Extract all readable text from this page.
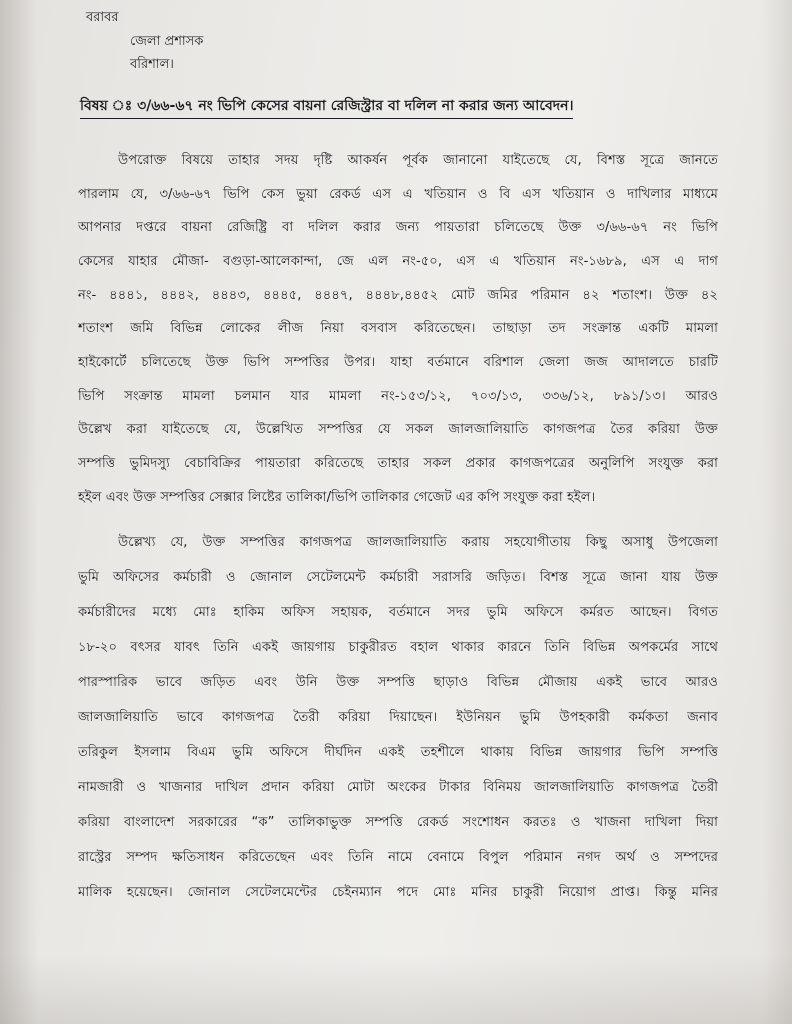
বরাবর
জেলা প্রশাসক
বরিশাল।
বিষয় ঃ ৩/৬৬-৬৭ নং ভিপি কেসের বায়না রেজিস্ট্রার বা দলিল না করার জন্য আবেদন।
উপরোক্ত বিষয়ে তাহার সদয় দৃষ্টি আকর্ষন পূর্বক জানানো যাইতেছে যে, বিশস্ত সূত্রে জানতে
পারলাম যে, ৩/৬৬-৬৭ ভিপি কেস ভুয়া রেকর্ড এস এ খতিয়ান ও বি এস খতিয়ান ও দাখিলার মাধ্যমে
আপনার দপ্তরে বায়না রেজিষ্ট্রি বা দলিল করার জন্য পায়তারা চলিতেছে উক্ত ৩/৬৬-৬৭ নং ভিপি
কেসের যাহার মৌজা- বগুড়া-আলেকান্দা, জে এল নং-৫০, এস এ খতিয়ান নং-১৬৮৯, এস এ দাগ
নং- ৪৪৪১, ৪৪৪২, ৪৪৪৩, ৪৪৪৫, ৪৪৪৭, ৪৪৪৮,৪৪৫২ মোট জমির পরিমান ৪২ শতাংশ। উক্ত ৪২
শতাংশ জমি বিভিন্ন লোকের লীজ নিয়া বসবাস করিতেছেন। তাছাড়া তদ সংক্রান্ত একটি মামলা
হাইকোর্টে চলিতেছে উক্ত ভিপি সম্পত্তির উপর। যাহা বর্তমানে বরিশাল জেলা জজ আদালতে চারটি
ভিপি সংক্রান্ত মামলা চলমান যার মামলা নং-১৫৩/১২, ৭০৩/১৩, ৩৩৬/১২, ৮৯১/১৩। আরও
উল্লেখ করা যাইতেছে যে, উল্লেখিত সম্পত্তির যে সকল জালজালিয়াতি কাগজপত্র তৈর করিয়া উক্ত
সম্পত্তি ভুমিদস্যু বেচাবিক্রির পায়তারা করিতেছে তাহার সকল প্রকার কাগজপত্রের অনুলিপি সংযুক্ত করা
হইল এবং উক্ত সম্পত্তির সেক্সার লিষ্টের তালিকা/ভিপি তালিকার গেজেট এর কপি সংযুক্ত করা হইল।
উল্লেখ্য যে, উক্ত সম্পত্তির কাগজপত্র জালজালিয়াতি করায় সহযোগীতায় কিছু অসাধু উপজেলা
ভুমি অফিসের কর্মচারী ও জোনাল সেটেলমেন্ট কর্মচারী সরাসরি জড়িত। বিশস্ত সূত্রে জানা যায় উক্ত
কর্মচারীদের মধ্যে মোঃ হাকিম অফিস সহায়ক, বর্তমানে সদর ভুমি অফিসে কর্মরত আছেন। বিগত
১৮-২০ বৎসর যাবৎ তিনি একই জায়গায় চাকুরীরত বহাল থাকার কারনে তিনি বিভিন্ন অপকর্মের সাথে
পারস্পারিক ভাবে জড়িত এবং উনি উক্ত সম্পত্তি ছাড়াও বিভিন্ন মৌজায় একই ভাবে আরও
জালজালিয়াতি ভাবে কাগজপত্র তৈরী করিয়া দিয়াছেন। ইউনিয়ন ভুমি উপহকারী কর্মকতা জনাব
তরিকুল ইসলাম বিএম ভুমি অফিসে দীর্ঘদিন একই তহশীলে থাকায় বিভিন্ন জায়গার ভিপি সম্পত্তি
নামজারী ও খাজনার দাখিল প্রদান করিয়া মোটা অংকের টাকার বিনিময় জালজালিয়াতি কাগজপত্র তৈরী
করিয়া বাংলাদেশ সরকারের “ক” তালিকাভুক্ত সম্পত্তি রেকর্ড সংশোধন করতঃ ও খাজনা দাখিলা দিয়া
রাস্ট্রের সম্পদ ক্ষতিসাধন করিতেছেন এবং তিনি নামে বেনামে বিপুল পরিমান নগদ অর্থ ও সম্পদের
মালিক হয়েছেন। জোনাল সেটেলমেন্টের চেইনম্যান পদে মোঃ মনির চাকুরী নিয়োগ প্রাপ্ত। কিন্তু মনির
